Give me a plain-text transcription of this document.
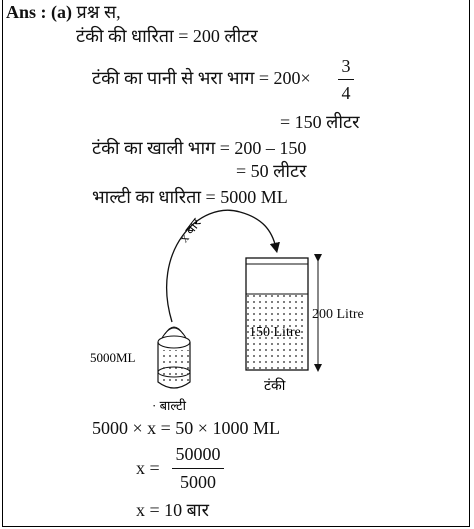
Ans : (a) प्रश्न स,
टंकी की धारिता = 200 लीटर
टंकी का पानी से भरा भाग = 200×
3
4
= 150 लीटर
टंकी का खाली भाग = 200 – 150
= 50 लीटर
भाल्टी का धारिता = 5000 ML
x बार
150 Litre
टंकी
200 Litre
5000ML
· बाल्टी
5000 × x = 50 × 1000 ML
x =
50000
5000
x = 10 बार
